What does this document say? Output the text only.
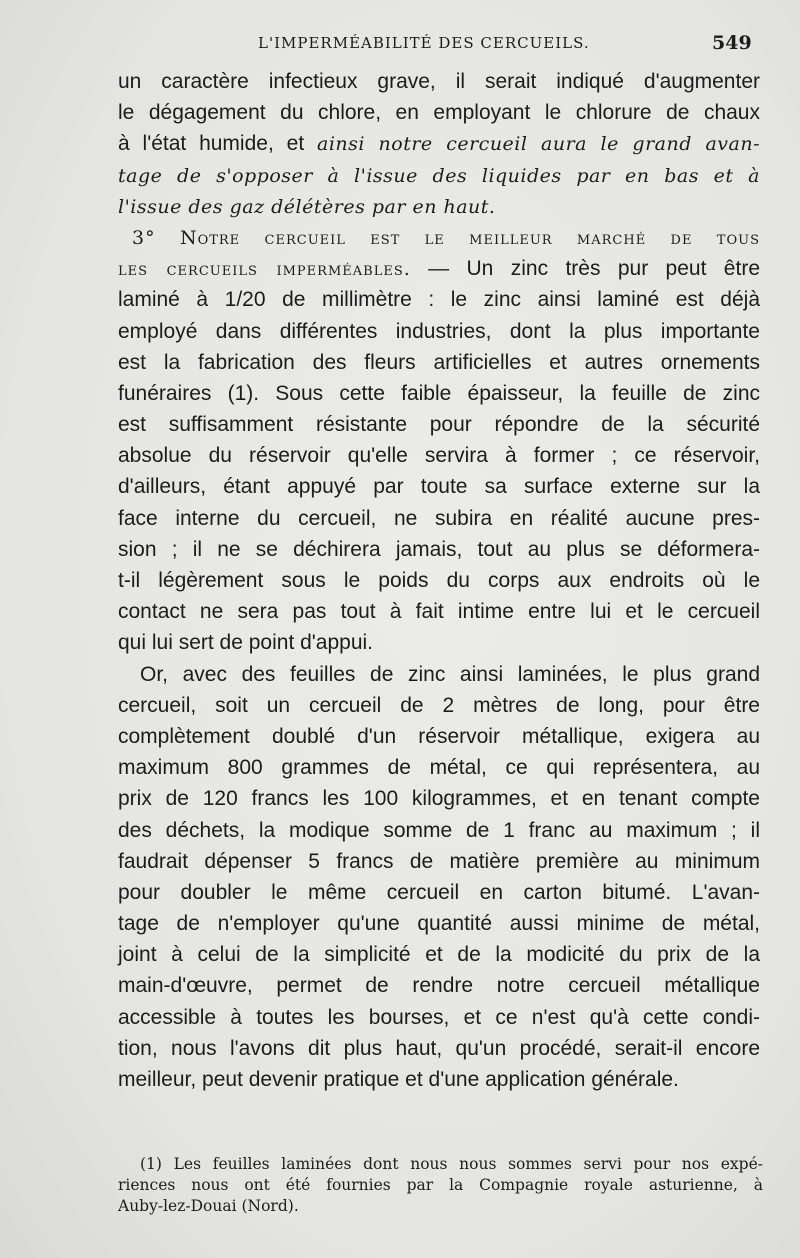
L'IMPERMÉABILITÉ DES CERCUEILS.	549
un caractère infectieux grave, il serait indiqué d'augmenter
le dégagement du chlore, en employant le chlorure de chaux
à l'état humide, et ainsi notre cercueil aura le grand avan-
tage de s'opposer à l'issue des liquides par en bas et à
l'issue des gaz délétères par en haut.
3° Notre cercueil est le meilleur marché de tous
les cercueils imperméables. — Un zinc très pur peut être
laminé à 1/20 de millimètre : le zinc ainsi laminé est déjà
employé dans différentes industries, dont la plus importante
est la fabrication des fleurs artificielles et autres ornements
funéraires (1). Sous cette faible épaisseur, la feuille de zinc
est suffisamment résistante pour répondre de la sécurité
absolue du réservoir qu'elle servira à former ; ce réservoir,
d'ailleurs, étant appuyé par toute sa surface externe sur la
face interne du cercueil, ne subira en réalité aucune pres-
sion ; il ne se déchirera jamais, tout au plus se déformera-
t-il légèrement sous le poids du corps aux endroits où le
contact ne sera pas tout à fait intime entre lui et le cercueil
qui lui sert de point d'appui.
Or, avec des feuilles de zinc ainsi laminées, le plus grand
cercueil, soit un cercueil de 2 mètres de long, pour être
complètement doublé d'un réservoir métallique, exigera au
maximum 800 grammes de métal, ce qui représentera, au
prix de 120 francs les 100 kilogrammes, et en tenant compte
des déchets, la modique somme de 1 franc au maximum ; il
faudrait dépenser 5 francs de matière première au minimum
pour doubler le même cercueil en carton bitumé. L'avan-
tage de n'employer qu'une quantité aussi minime de métal,
joint à celui de la simplicité et de la modicité du prix de la
main-d'œuvre, permet de rendre notre cercueil métallique
accessible à toutes les bourses, et ce n'est qu'à cette condi-
tion, nous l'avons dit plus haut, qu'un procédé, serait-il encore
meilleur, peut devenir pratique et d'une application générale.
(1) Les feuilles laminées dont nous nous sommes servi pour nos expé-
riences nous ont été fournies par la Compagnie royale asturienne, à
Auby-lez-Douai (Nord).
